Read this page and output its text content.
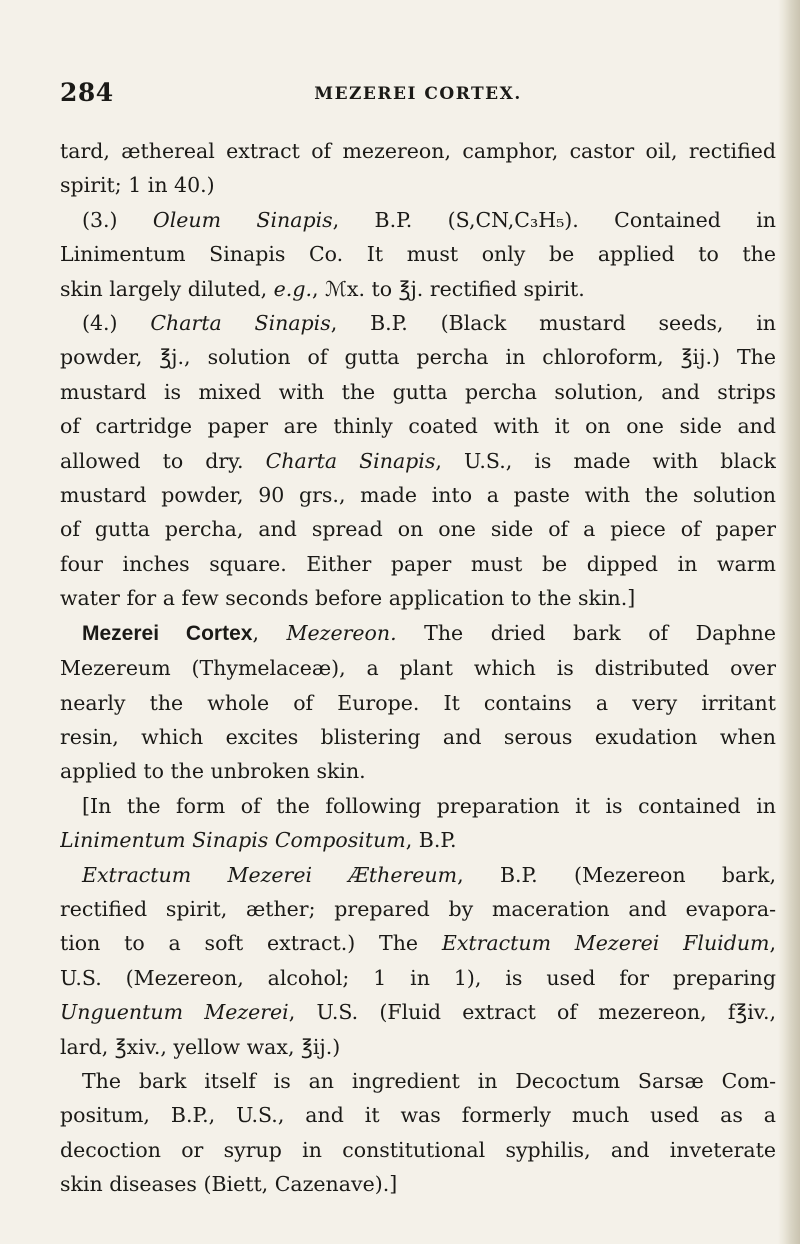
284	MEZEREI CORTEX.
tard, æthereal extract of mezereon, camphor, castor oil, rectified
spirit; 1 in 40.)
(3.) Oleum Sinapis, B.P. (S,CN,C₃H₅). Contained in
Linimentum Sinapis Co. It must only be applied to the
skin largely diluted, e.g., ℳx. to ℥j. rectified spirit.
(4.) Charta Sinapis, B.P. (Black mustard seeds, in
powder, ℥j., solution of gutta percha in chloroform, ℥ij.) The
mustard is mixed with the gutta percha solution, and strips
of cartridge paper are thinly coated with it on one side and
allowed to dry. Charta Sinapis, U.S., is made with black
mustard powder, 90 grs., made into a paste with the solution
of gutta percha, and spread on one side of a piece of paper
four inches square. Either paper must be dipped in warm
water for a few seconds before application to the skin.]
Mezerei Cortex, Mezereon. The dried bark of Daphne
Mezereum (Thymelaceæ), a plant which is distributed over
nearly the whole of Europe. It contains a very irritant
resin, which excites blistering and serous exudation when
applied to the unbroken skin.
[In the form of the following preparation it is contained in
Linimentum Sinapis Compositum, B.P.
Extractum Mezerei Æthereum, B.P. (Mezereon bark,
rectified spirit, æther; prepared by maceration and evapora-
tion to a soft extract.) The Extractum Mezerei Fluidum,
U.S. (Mezereon, alcohol; 1 in 1), is used for preparing
Unguentum Mezerei, U.S. (Fluid extract of mezereon, f℥iv.,
lard, ℥xiv., yellow wax, ℥ij.)
The bark itself is an ingredient in Decoctum Sarsæ Com-
positum, B.P., U.S., and it was formerly much used as a
decoction or syrup in constitutional syphilis, and inveterate
skin diseases (Biett, Cazenave).]
